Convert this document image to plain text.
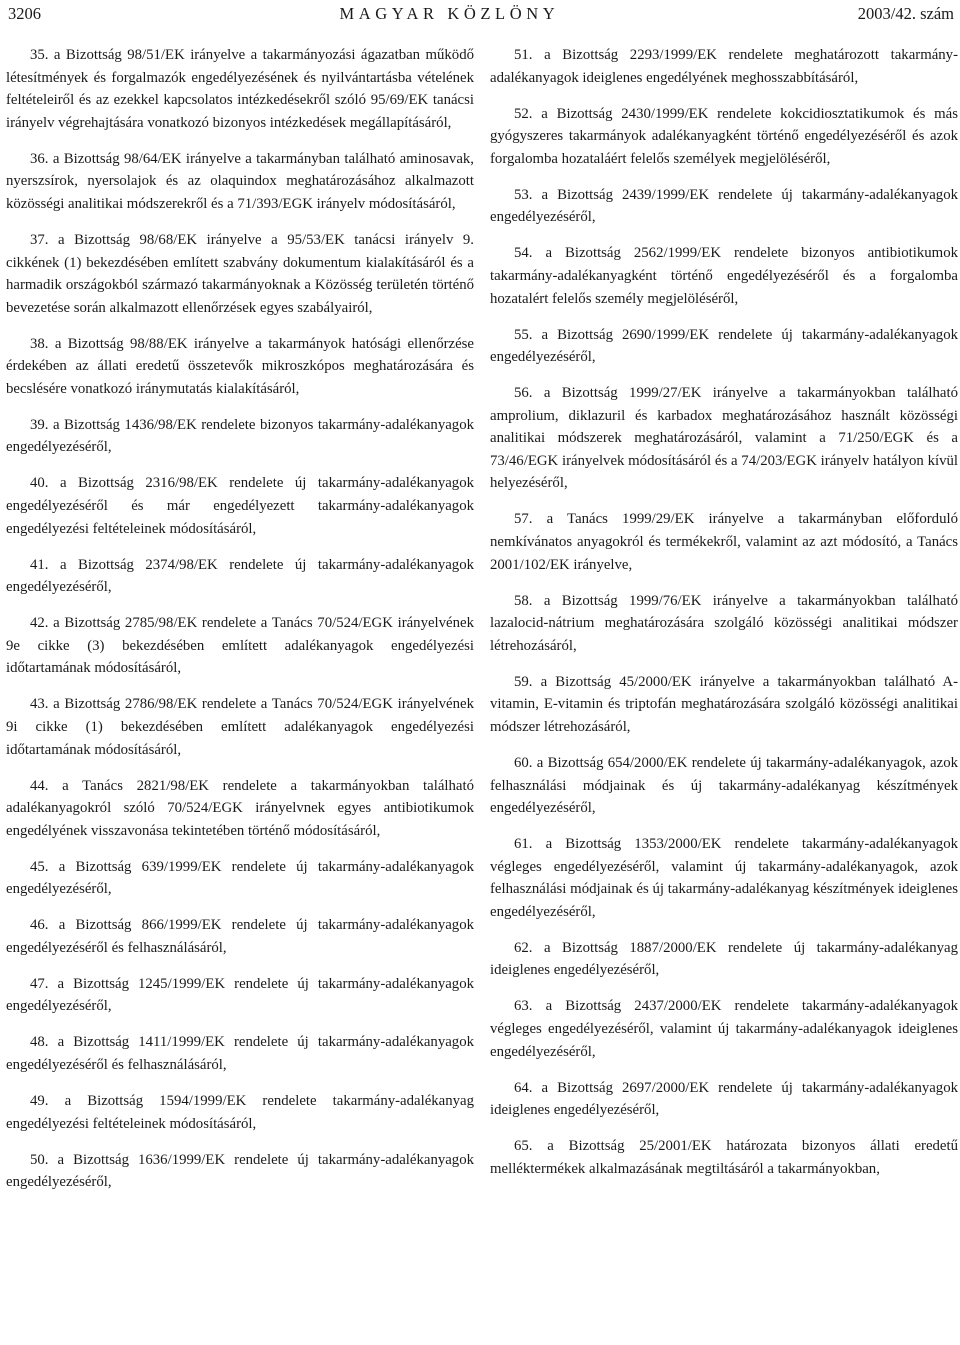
3206	MAGYAR KÖZLÖNY	2003/42. szám

35. a Bizottság 98/51/EK irányelve a takarmányozási ágazatban működő létesítmények és forgalmazók engedélyezésének és nyilvántartásba vételének feltételeiről és az ezekkel kapcsolatos intézkedésekről szóló 95/69/EK tanácsi irányelv végrehajtására vonatkozó bizonyos intézkedések megállapításáról,

36. a Bizottság 98/64/EK irányelve a takarmányban található aminosavak, nyerszsírok, nyersolajok és az olaquindox meghatározásához alkalmazott közösségi analitikai módszerekről és a 71/393/EGK irányelv módosításáról,

37. a Bizottság 98/68/EK irányelve a 95/53/EK tanácsi irányelv 9. cikkének (1) bekezdésében említett szabvány dokumentum kialakításáról és a harmadik országokból származó takarmányoknak a Közösség területén történő bevezetése során alkalmazott ellenőrzések egyes szabályairól,

38. a Bizottság 98/88/EK irányelve a takarmányok hatósági ellenőrzése érdekében az állati eredetű összetevők mikroszkópos meghatározására és becslésére vonatkozó iránymutatás kialakításáról,

39. a Bizottság 1436/98/EK rendelete bizonyos takarmány-adalékanyagok engedélyezéséről,

40. a Bizottság 2316/98/EK rendelete új takarmány-adalékanyagok engedélyezéséről és már engedélyezett takarmány-adalékanyagok engedélyezési feltételeinek módosításáról,

41. a Bizottság 2374/98/EK rendelete új takarmány-adalékanyagok engedélyezéséről,

42. a Bizottság 2785/98/EK rendelete a Tanács 70/524/EGK irányelvének 9e cikke (3) bekezdésében említett adalékanyagok engedélyezési időtartamának módosításáról,

43. a Bizottság 2786/98/EK rendelete a Tanács 70/524/EGK irányelvének 9i cikke (1) bekezdésében említett adalékanyagok engedélyezési időtartamának módosításáról,

44. a Tanács 2821/98/EK rendelete a takarmányokban található adalékanyagokról szóló 70/524/EGK irányelvnek egyes antibiotikumok engedélyének visszavonása tekintetében történő módosításáról,

45. a Bizottság 639/1999/EK rendelete új takarmány-adalékanyagok engedélyezéséről,

46. a Bizottság 866/1999/EK rendelete új takarmány-adalékanyagok engedélyezéséről és felhasználásáról,

47. a Bizottság 1245/1999/EK rendelete új takarmány-adalékanyagok engedélyezéséről,

48. a Bizottság 1411/1999/EK rendelete új takarmány-adalékanyagok engedélyezéséről és felhasználásáról,

49. a Bizottság 1594/1999/EK rendelete takarmány-adalékanyag engedélyezési feltételeinek módosításáról,

50. a Bizottság 1636/1999/EK rendelete új takarmány-adalékanyagok engedélyezéséről,

51. a Bizottság 2293/1999/EK rendelete meghatározott takarmány-adalékanyagok ideiglenes engedélyének meghosszabbításáról,

52. a Bizottság 2430/1999/EK rendelete kokcidiosztatikumok és más gyógyszeres takarmányok adalékanyagként történő engedélyezéséről és azok forgalomba hozataláért felelős személyek megjelöléséről,

53. a Bizottság 2439/1999/EK rendelete új takarmány-adalékanyagok engedélyezéséről,

54. a Bizottság 2562/1999/EK rendelete bizonyos antibiotikumok takarmány-adalékanyagként történő engedélyezéséről és a forgalomba hozatalért felelős személy megjelöléséről,

55. a Bizottság 2690/1999/EK rendelete új takarmány-adalékanyagok engedélyezéséről,

56. a Bizottság 1999/27/EK irányelve a takarmányokban található amprolium, diklazuril és karbadox meghatározásához használt közösségi analitikai módszerek meghatározásáról, valamint a 71/250/EGK és a 73/46/EGK irányelvek módosításáról és a 74/203/EGK irányelv hatályon kívül helyezéséről,

57. a Tanács 1999/29/EK irányelve a takarmányban előforduló nemkívánatos anyagokról és termékekről, valamint az azt módosító, a Tanács 2001/102/EK irányelve,

58. a Bizottság 1999/76/EK irányelve a takarmányokban található lazalocid-nátrium meghatározására szolgáló közösségi analitikai módszer létrehozásáról,

59. a Bizottság 45/2000/EK irányelve a takarmányokban található A-vitamin, E-vitamin és triptofán meghatározására szolgáló közösségi analitikai módszer létrehozásáról,

60. a Bizottság 654/2000/EK rendelete új takarmány-adalékanyagok, azok felhasználási módjainak és új takarmány-adalékanyag készítmények engedélyezéséről,

61. a Bizottság 1353/2000/EK rendelete takarmány-adalékanyagok végleges engedélyezéséről, valamint új takarmány-adalékanyagok, azok felhasználási módjainak és új takarmány-adalékanyag készítmények ideiglenes engedélyezéséről,

62. a Bizottság 1887/2000/EK rendelete új takarmány-adalékanyag ideiglenes engedélyezéséről,

63. a Bizottság 2437/2000/EK rendelete takarmány-adalékanyagok végleges engedélyezéséről, valamint új takarmány-adalékanyagok ideiglenes engedélyezéséről,

64. a Bizottság 2697/2000/EK rendelete új takarmány-adalékanyagok ideiglenes engedélyezéséről,

65. a Bizottság 25/2001/EK határozata bizonyos állati eredetű melléktermékek alkalmazásának megtiltásáról a takarmányokban,
